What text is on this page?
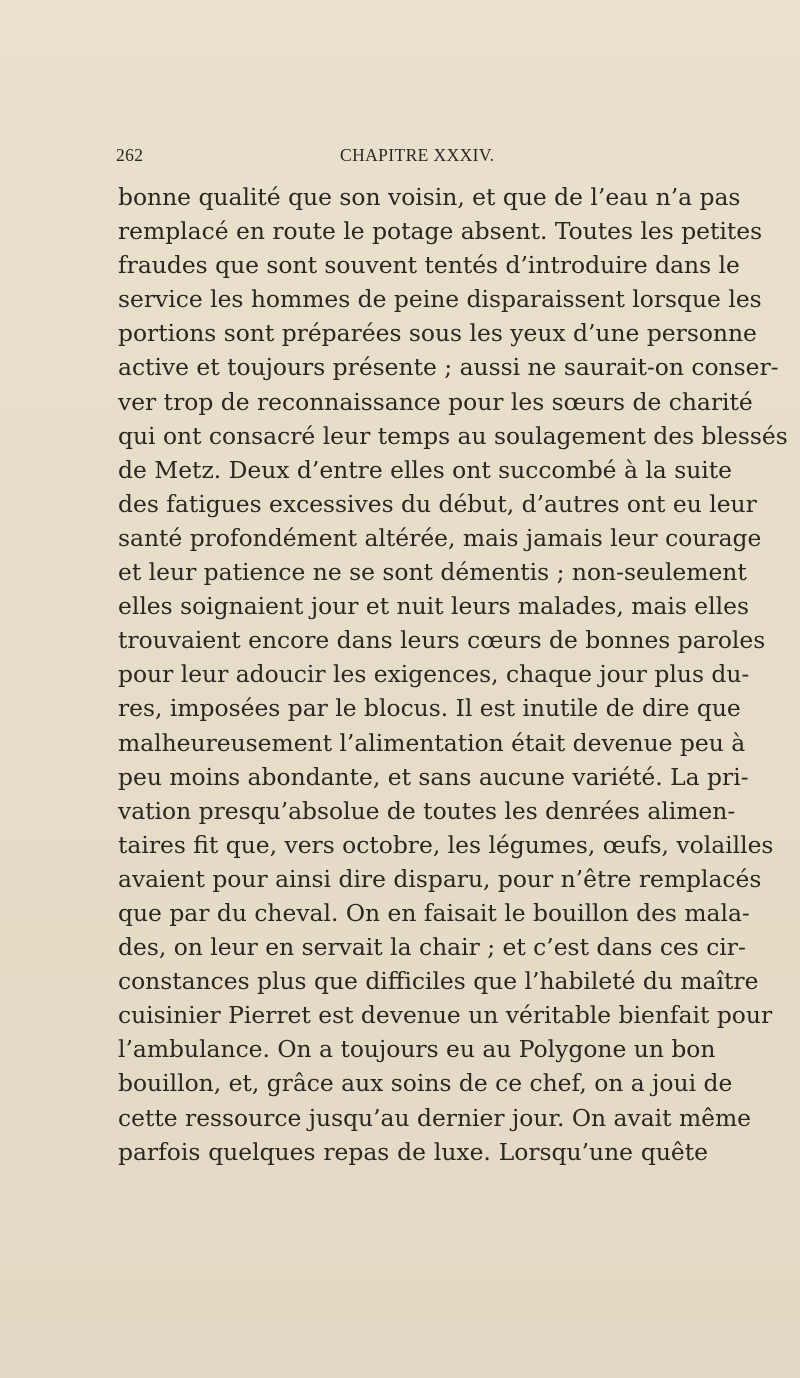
262	CHAPITRE XXXIV.
bonne qualité que son voisin, et que de l’eau n’a pas
remplacé en route le potage absent. Toutes les petites
fraudes que sont souvent tentés d’introduire dans le
service les hommes de peine disparaissent lorsque les
portions sont préparées sous les yeux d’une personne
active et toujours présente ; aussi ne saurait-on conser-
ver trop de reconnaissance pour les sœurs de charité
qui ont consacré leur temps au soulagement des blessés
de Metz. Deux d’entre elles ont succombé à la suite
des fatigues excessives du début, d’autres ont eu leur
santé profondément altérée, mais jamais leur courage
et leur patience ne se sont démentis ; non-seulement
elles soignaient jour et nuit leurs malades, mais elles
trouvaient encore dans leurs cœurs de bonnes paroles
pour leur adoucir les exigences, chaque jour plus du-
res, imposées par le blocus. Il est inutile de dire que
malheureusement l’alimentation était devenue peu à
peu moins abondante, et sans aucune variété. La pri-
vation presqu’absolue de toutes les denrées alimen-
taires fit que, vers octobre, les légumes, œufs, volailles
avaient pour ainsi dire disparu, pour n’être remplacés
que par du cheval. On en faisait le bouillon des mala-
des, on leur en servait la chair ; et c’est dans ces cir-
constances plus que difficiles que l’habileté du maître
cuisinier Pierret est devenue un véritable bienfait pour
l’ambulance. On a toujours eu au Polygone un bon
bouillon, et, grâce aux soins de ce chef, on a joui de
cette ressource jusqu’au dernier jour. On avait même
parfois quelques repas de luxe. Lorsqu’une quête
